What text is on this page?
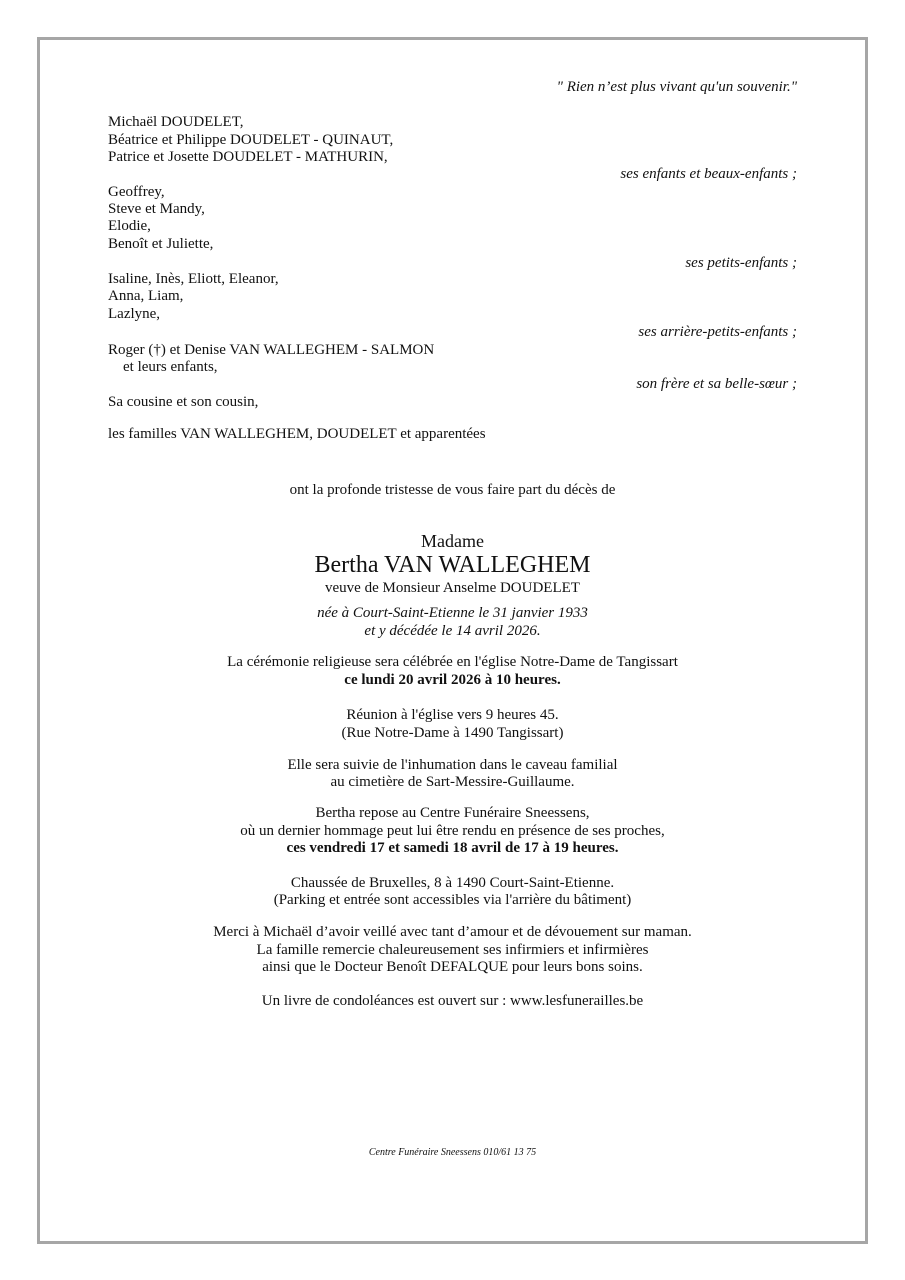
" Rien n’est plus vivant qu'un souvenir."
Michaël DOUDELET,
Béatrice et Philippe DOUDELET - QUINAUT,
Patrice et Josette DOUDELET - MATHURIN,
ses enfants et beaux-enfants ;
Geoffrey,
Steve et Mandy,
Elodie,
Benoît et Juliette,
ses petits-enfants ;
Isaline, Inès, Eliott, Eleanor,
Anna, Liam,
Lazlyne,
ses arrière-petits-enfants ;
Roger (†) et Denise VAN WALLEGHEM - SALMON
et leurs enfants,
son frère et sa belle-sœur ;
Sa cousine et son cousin,
les familles VAN WALLEGHEM, DOUDELET et apparentées
ont la profonde tristesse de vous faire part du décès de
Madame
Bertha VAN WALLEGHEM
veuve de Monsieur Anselme DOUDELET
née à Court-Saint-Etienne le 31 janvier 1933
et y décédée le 14 avril 2026.
La cérémonie religieuse sera célébrée en l'église Notre-Dame de Tangissart
ce lundi 20 avril 2026 à 10 heures.
Réunion à l'église vers 9 heures 45.
(Rue Notre-Dame à 1490 Tangissart)
Elle sera suivie de l'inhumation dans le caveau familial
au cimetière de Sart-Messire-Guillaume.
Bertha repose au Centre Funéraire Sneessens,
où un dernier hommage peut lui être rendu en présence de ses proches,
ces vendredi 17 et samedi 18 avril de 17 à 19 heures.
Chaussée de Bruxelles, 8 à 1490 Court-Saint-Etienne.
(Parking et entrée sont accessibles via l'arrière du bâtiment)
Merci à Michaël d’avoir veillé avec tant d’amour et de dévouement sur maman.
La famille remercie chaleureusement ses infirmiers et infirmières
ainsi que le Docteur Benoît DEFALQUE pour leurs bons soins.
Un livre de condoléances est ouvert sur : www.lesfunerailles.be
Centre Funéraire Sneessens 010/61 13 75
